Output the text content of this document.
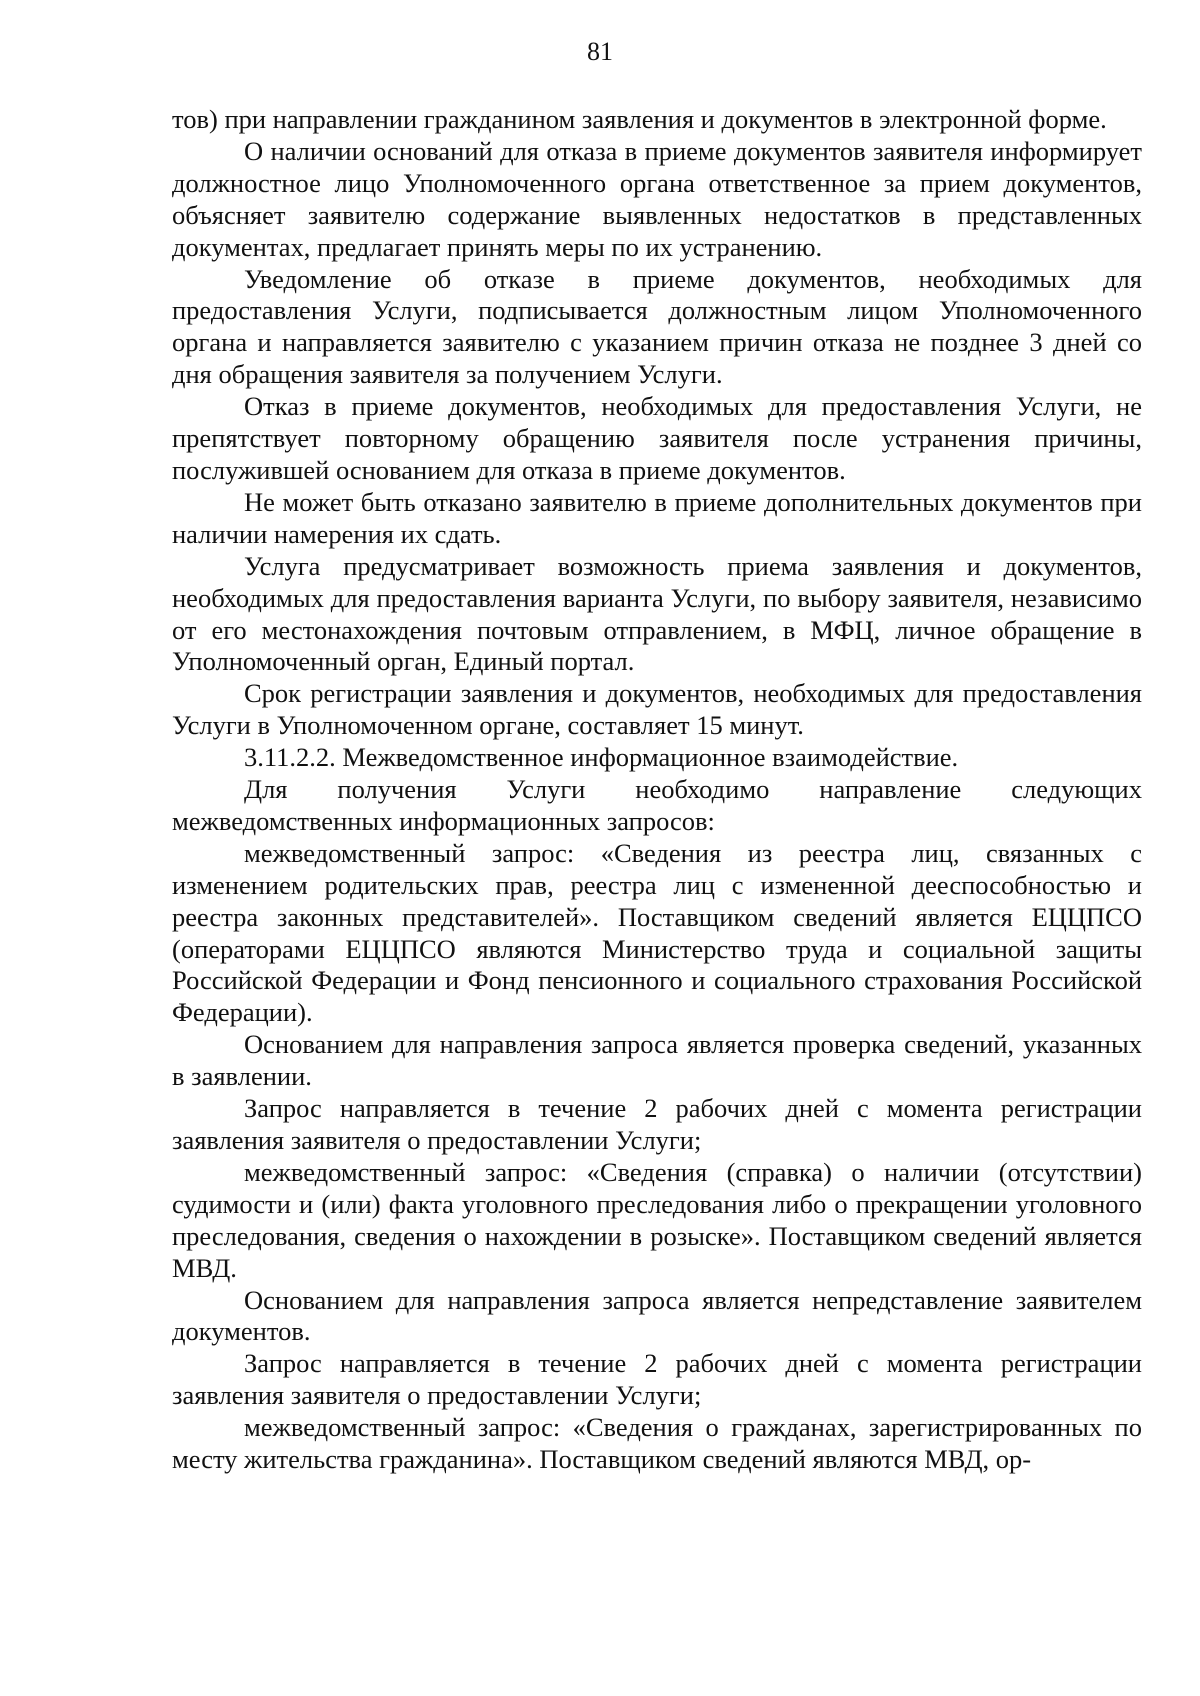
81

тов) при направлении гражданином заявления и документов в электронной форме.

О наличии оснований для отказа в приеме документов заявителя информирует должностное лицо Уполномоченного органа ответственное за прием документов, объясняет заявителю содержание выявленных недостатков в представленных документах, предлагает принять меры по их устранению.

Уведомление об отказе в приеме документов, необходимых для предоставления Услуги, подписывается должностным лицом Уполномоченного органа и направляется заявителю с указанием причин отказа не позднее 3 дней со дня обращения заявителя за получением Услуги.

Отказ в приеме документов, необходимых для предоставления Услуги, не препятствует повторному обращению заявителя после устранения причины, послужившей основанием для отказа в приеме документов.

Не может быть отказано заявителю в приеме дополнительных документов при наличии намерения их сдать.

Услуга предусматривает возможность приема заявления и документов, необходимых для предоставления варианта Услуги, по выбору заявителя, независимо от его местонахождения почтовым отправлением, в МФЦ, личное обращение в Уполномоченный орган, Единый портал.

Срок регистрации заявления и документов, необходимых для предоставления Услуги в Уполномоченном органе, составляет 15 минут.

3.11.2.2. Межведомственное информационное взаимодействие.

Для получения Услуги необходимо направление следующих межведомственных информационных запросов:

межведомственный запрос: «Сведения из реестра лиц, связанных с изменением родительских прав, реестра лиц с измененной дееспособностью и реестра законных представителей». Поставщиком сведений является ЕЦЦПСО (операторами ЕЦЦПСО являются Министерство труда и социальной защиты Российской Федерации и Фонд пенсионного и социального страхования Российской Федерации).

Основанием для направления запроса является проверка сведений, указанных в заявлении.

Запрос направляется в течение 2 рабочих дней с момента регистрации заявления заявителя о предоставлении Услуги;

межведомственный запрос: «Сведения (справка) о наличии (отсутствии) судимости и (или) факта уголовного преследования либо о прекращении уголовного преследования, сведения о нахождении в розыске». Поставщиком сведений является МВД.

Основанием для направления запроса является непредставление заявителем документов.

Запрос направляется в течение 2 рабочих дней с момента регистрации заявления заявителя о предоставлении Услуги;

межведомственный запрос: «Сведения о гражданах, зарегистрированных по месту жительства гражданина». Поставщиком сведений являются МВД, ор-
